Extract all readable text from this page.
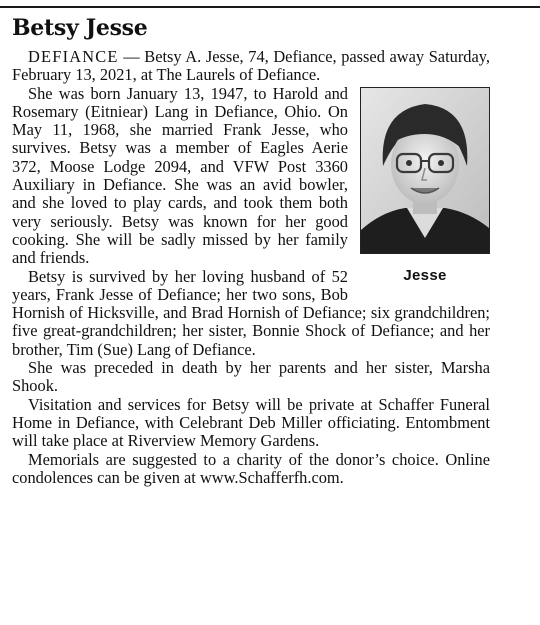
Betsy Jesse

DEFIANCE — Betsy A. Jesse, 74, Defiance, passed away Saturday, February 13, 2021, at The Laurels of Defiance.

Jesse

She was born January 13, 1947, to Harold and Rosemary (Eitniear) Lang in Defiance, Ohio. On May 11, 1968, she married Frank Jesse, who survives. Betsy was a member of Eagles Aerie 372, Moose Lodge 2094, and VFW Post 3360 Auxiliary in Defiance. She was an avid bowler, and she loved to play cards, and took them both very seriously. Betsy was known for her good cooking. She will be sadly missed by her family and friends.

Betsy is survived by her loving husband of 52 years, Frank Jesse of Defiance; her two sons, Bob Hornish of Hicksville, and Brad Hornish of Defiance; six grandchildren; five great-grandchildren; her sister, Bonnie Shock of Defiance; and her brother, Tim (Sue) Lang of Defiance.

She was preceded in death by her parents and her sister, Marsha Shook.

Visitation and services for Betsy will be private at Schaffer Funeral Home in Defiance, with Celebrant Deb Miller officiating. Entombment will take place at Riverview Memory Gardens.

Memorials are suggested to a charity of the donor’s choice. Online condolences can be given at www.Schafferfh.com.
